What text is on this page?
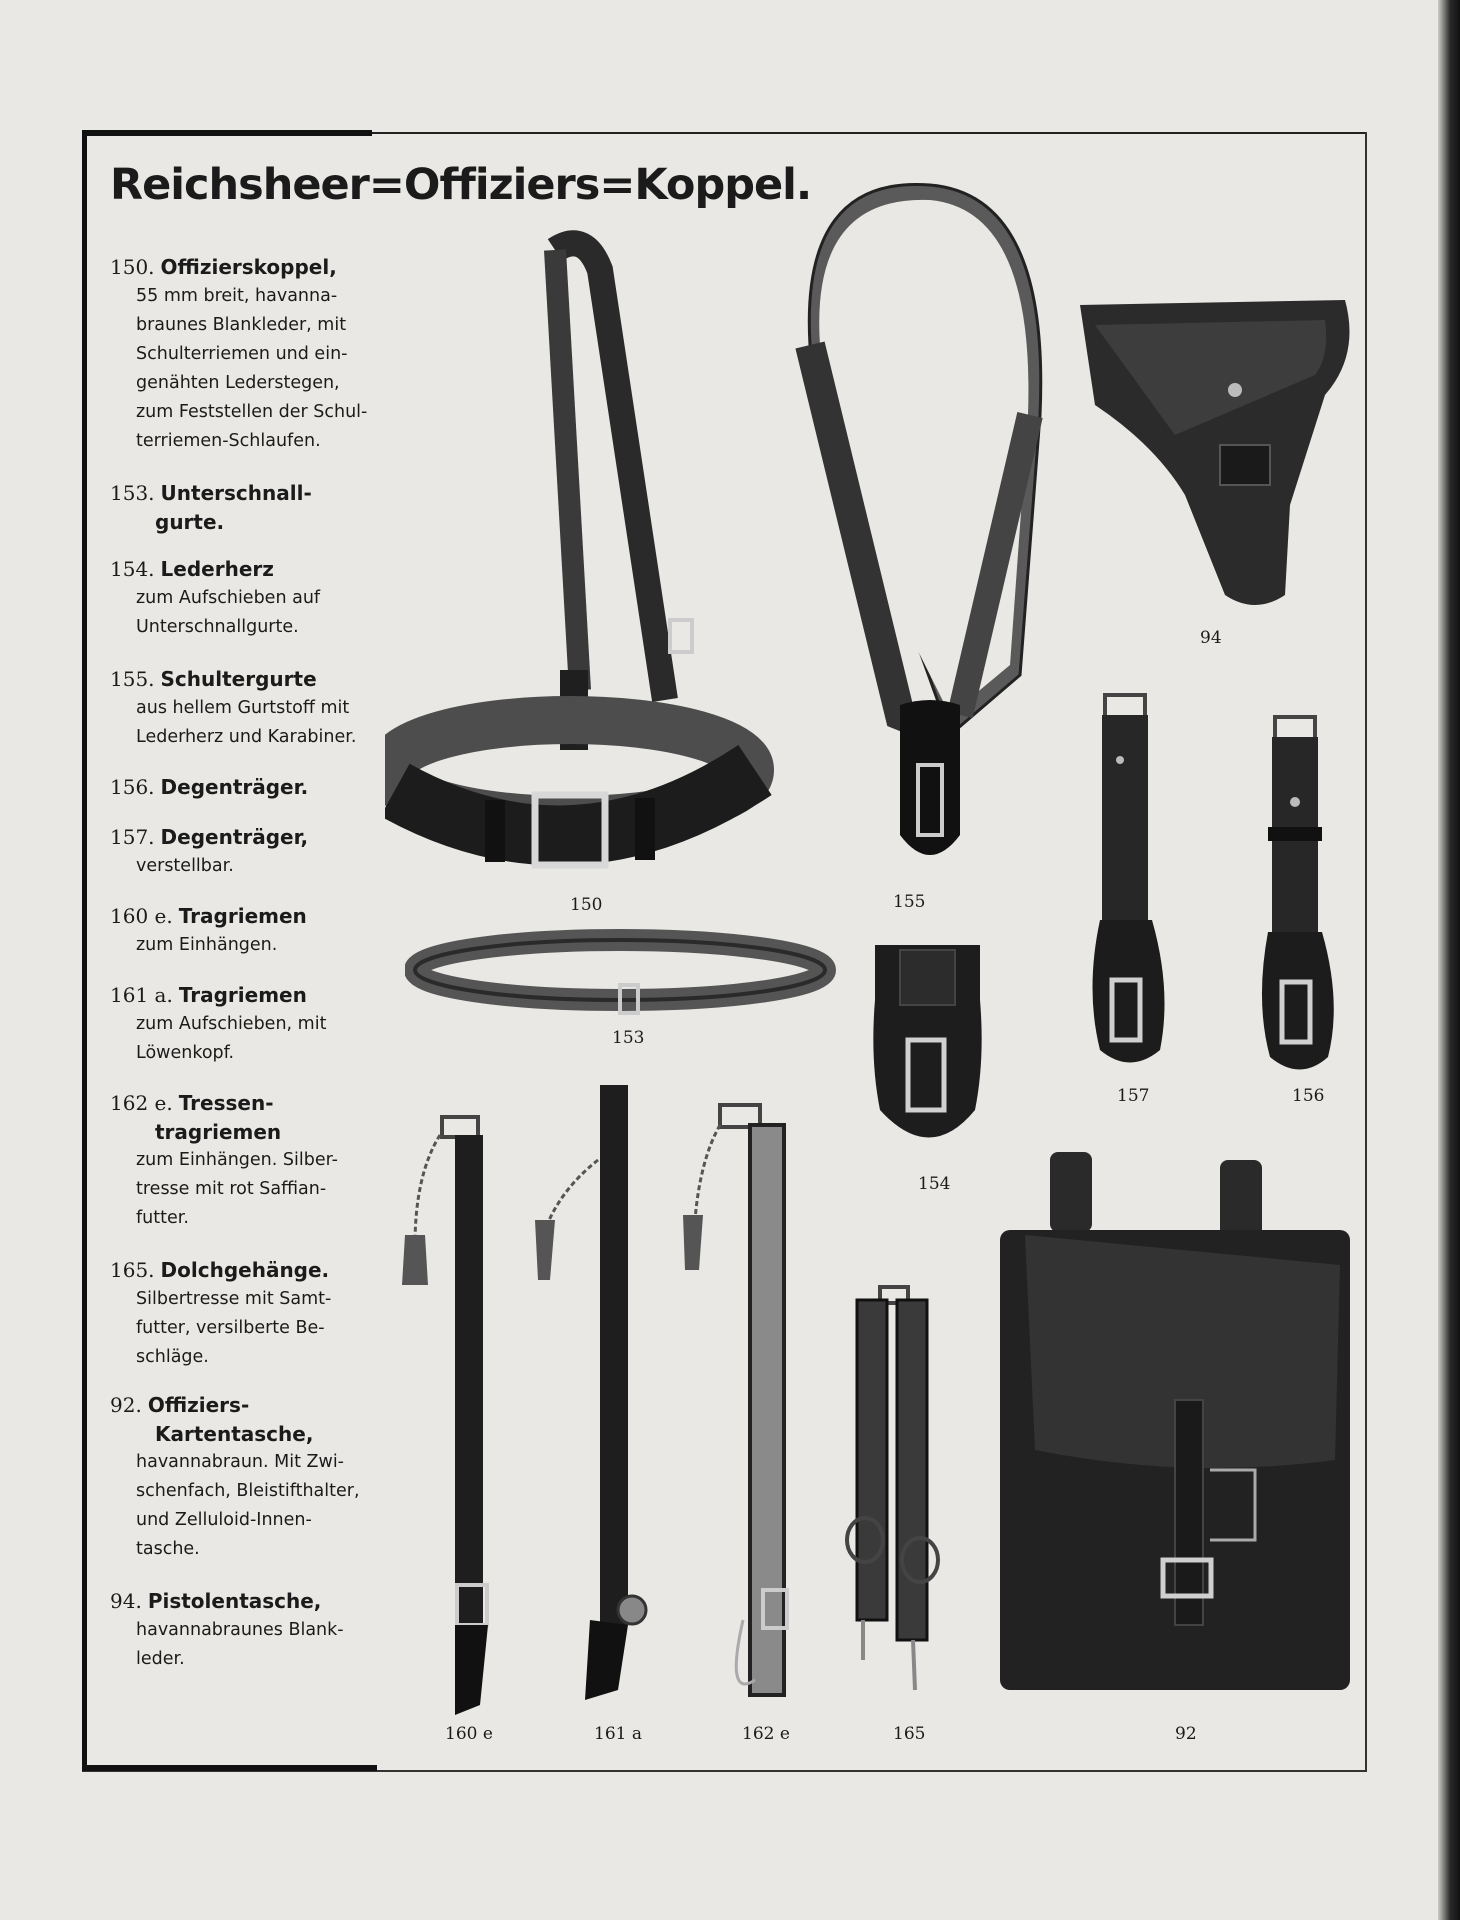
Reichsheer=Offiziers=Koppel.
150. Offizierskoppel,
55 mm breit, havanna-
braunes Blankleder, mit
Schulterriemen und ein-
genähten Lederstegen,
zum Feststellen der Schul-
terriemen-Schlaufen.
153. Unterschnall-
gurte.
154. Lederherz
zum Aufschieben auf
Unterschnallgurte.
155. Schultergurte
aus hellem Gurtstoff mit
Lederherz und Karabiner.
156. Degenträger.
157. Degenträger,
verstellbar.
160 e. Tragriemen
zum Einhängen.
161 a. Tragriemen
zum Aufschieben, mit
Löwenkopf.
162 e. Tressen-
tragriemen
zum Einhängen. Silber-
tresse mit rot Saffian-
futter.
165. Dolchgehänge.
Silbertresse mit Samt-
futter, versilberte Be-
schläge.
92. Offiziers-
Kartentasche,
havannabraun. Mit Zwi-
schenfach, Bleistifthalter,
und Zelluloid-Innen-
tasche.
94. Pistolentasche,
havannabraunes Blank-
leder.
150	155
94
153
154
157	156
160 e	161 a	162 e	165	92
